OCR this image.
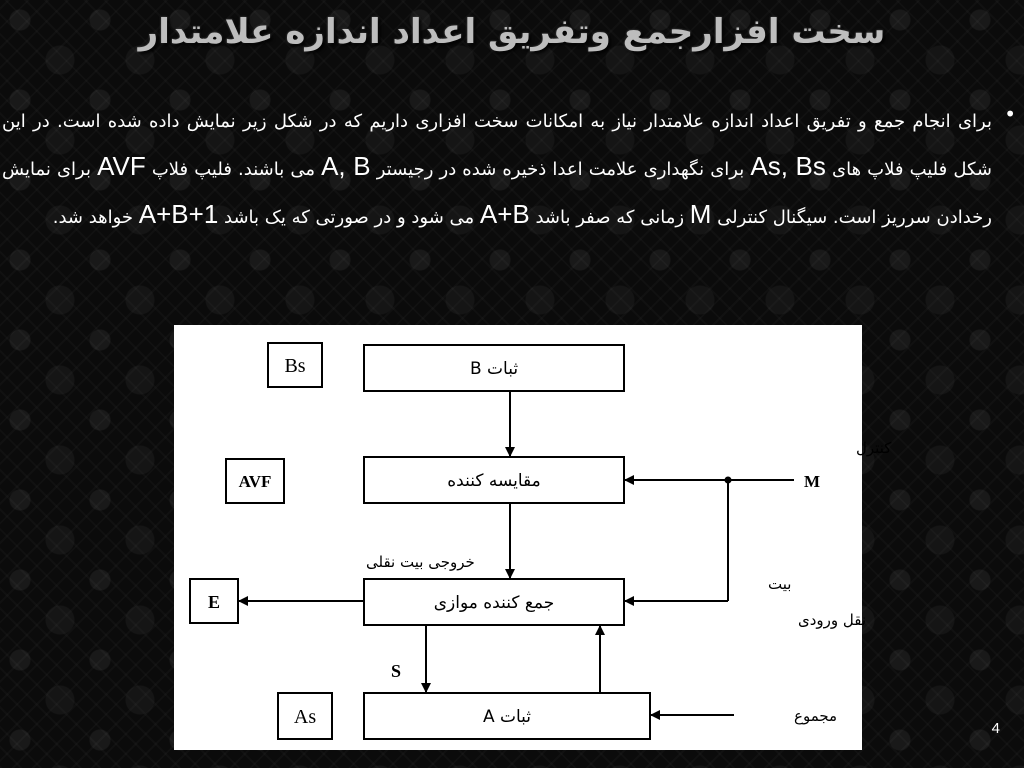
سخت افزارجمع وتفریق اعداد اندازه علامتدار
•
برای انجام جمع و تفریق اعداد اندازه علامتدار نیاز به امکانات سخت افزاری داریم که در شکل زیر نمایش داده شده است. در این شکل فلیپ فلاپ های As, Bs برای نگهداری علامت اعدا ذخیره شده در رجیستر A, B می باشند. فلیپ فلاپ AVF برای نمایش رخدادن سرریز است. سیگنال کنترلی M زمانی که صفر باشد A+B می شود و در صورتی که یک باشد A+B+1 خواهد شد.
Bs
AVF
E
As
ثبات B
مقایسه کننده
جمع کننده موازی
ثبات A
S
خروجی بیت نقلی
کنترل
M
بیت
نقل ورودی
مجموع
4
